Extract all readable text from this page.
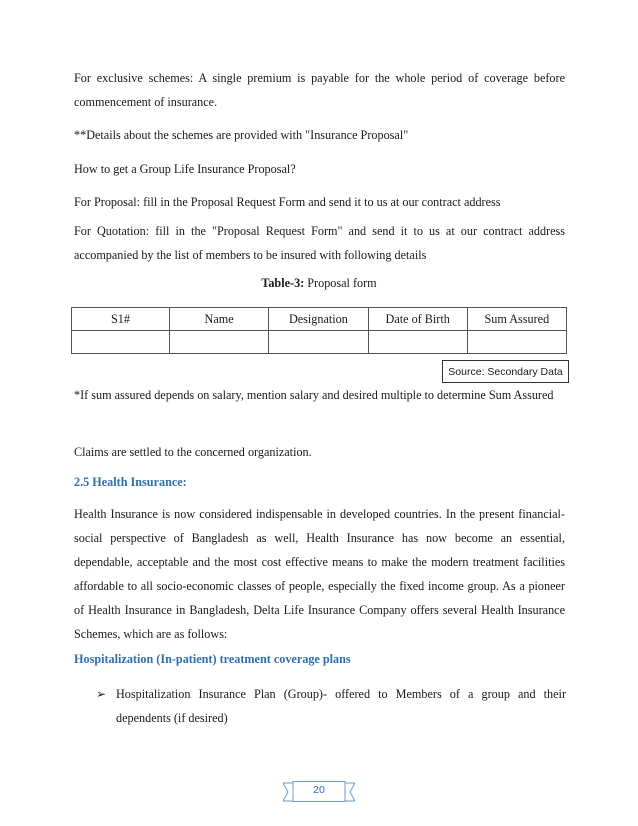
For exclusive schemes: A single premium is payable for the whole period of coverage before commencement of insurance.

**Details about the schemes are provided with "Insurance Proposal"

How to get a Group Life Insurance Proposal?

For Proposal: fill in the Proposal Request Form and send it to us at our contract address

For Quotation: fill in the "Proposal Request Form" and send it to us at our contract address accompanied by the list of members to be insured with following details

Table-3: Proposal form
S1#	Name	Designation	Date of Birth	Sum Assured

Source: Secondary Data

*If sum assured depends on salary, mention salary and desired multiple to determine Sum Assured

Claims are settled to the concerned organization.

2.5 Health Insurance:

Health Insurance is now considered indispensable in developed countries. In the present financial-social perspective of Bangladesh as well, Health Insurance has now become an essential, dependable, acceptable and the most cost effective means to make the modern treatment facilities affordable to all socio-economic classes of people, especially the fixed income group. As a pioneer of Health Insurance in Bangladesh, Delta Life Insurance Company offers several Health Insurance Schemes, which are as follows:

Hospitalization (In-patient) treatment coverage plans

➢ Hospitalization Insurance Plan (Group)- offered to Members of a group and their dependents (if desired)
20
